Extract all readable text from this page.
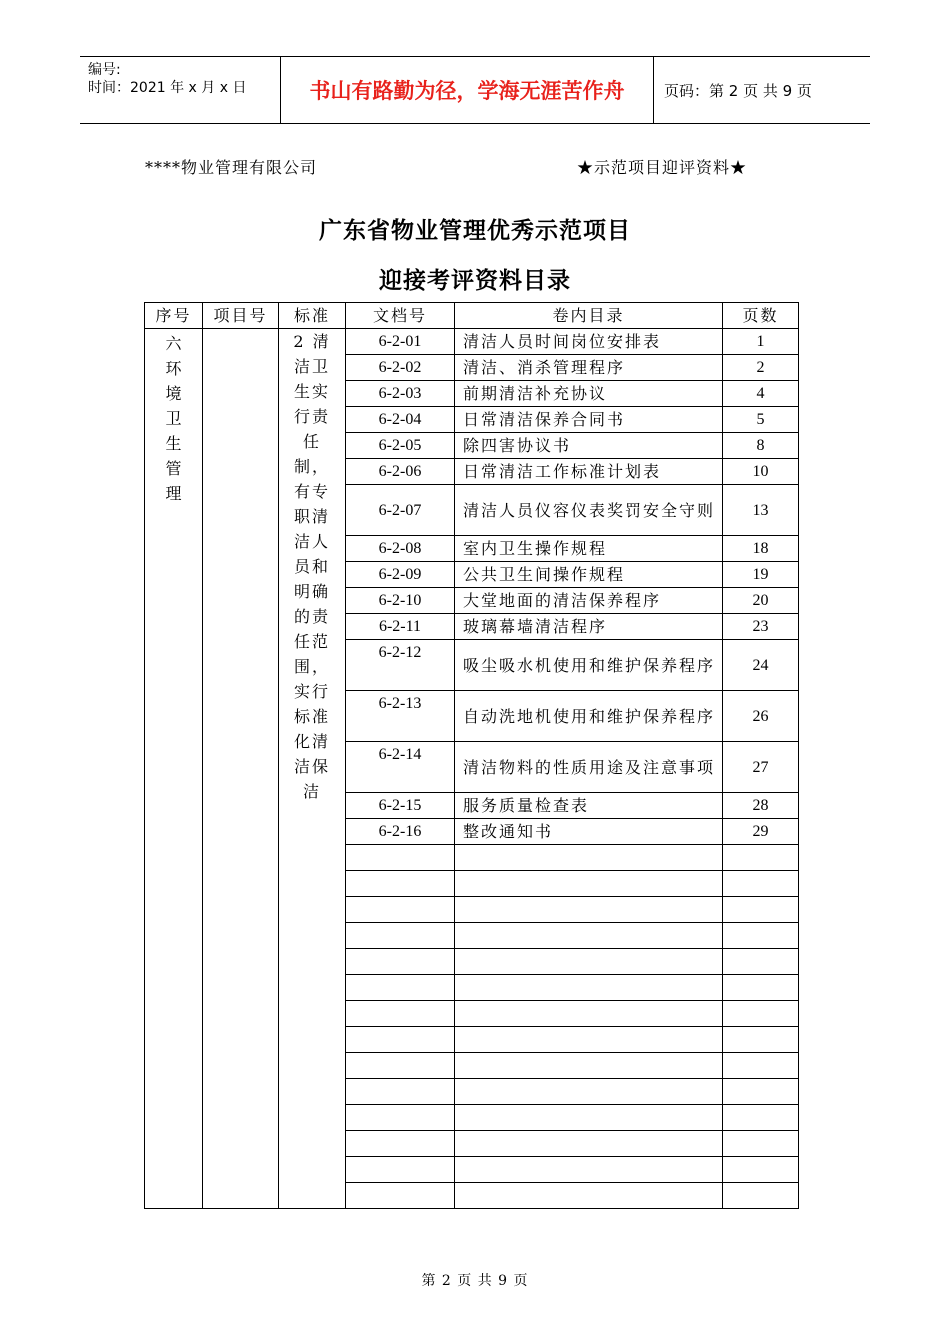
编号:
时间：2021 年 x 月 x 日	书山有路勤为径，学海无涯苦作舟	页码：第 2 页 共 9 页
****物业管理有限公司	★示范项目迎评资料★
广东省物业管理优秀示范项目
迎接考评资料目录
序号	项目号	标准	文档号	卷内目录	页数

六环境卫生管理		2 清洁卫生实行责任制，有专职清洁人员和明确的责任范围，实行标准化清洁保洁	6-2-01	清洁人员时间岗位安排表	1
			6-2-02	清洁、消杀管理程序	2
			6-2-03	前期清洁补充协议	4
			6-2-04	日常清洁保养合同书	5
			6-2-05	除四害协议书	8
			6-2-06	日常清洁工作标准计划表	10
			6-2-07	清洁人员仪容仪表奖罚安全守则	13
			6-2-08	室内卫生操作规程	18
			6-2-09	公共卫生间操作规程	19
			6-2-10	大堂地面的清洁保养程序	20
			6-2-11	玻璃幕墙清洁程序	23
			6-2-12	吸尘吸水机使用和维护保养程序	24
			6-2-13	自动洗地机使用和维护保养程序	26
			6-2-14	清洁物料的性质用途及注意事项	27
			6-2-15	服务质量检查表	28
			6-2-16	整改通知书	29

第 2 页 共 9 页
